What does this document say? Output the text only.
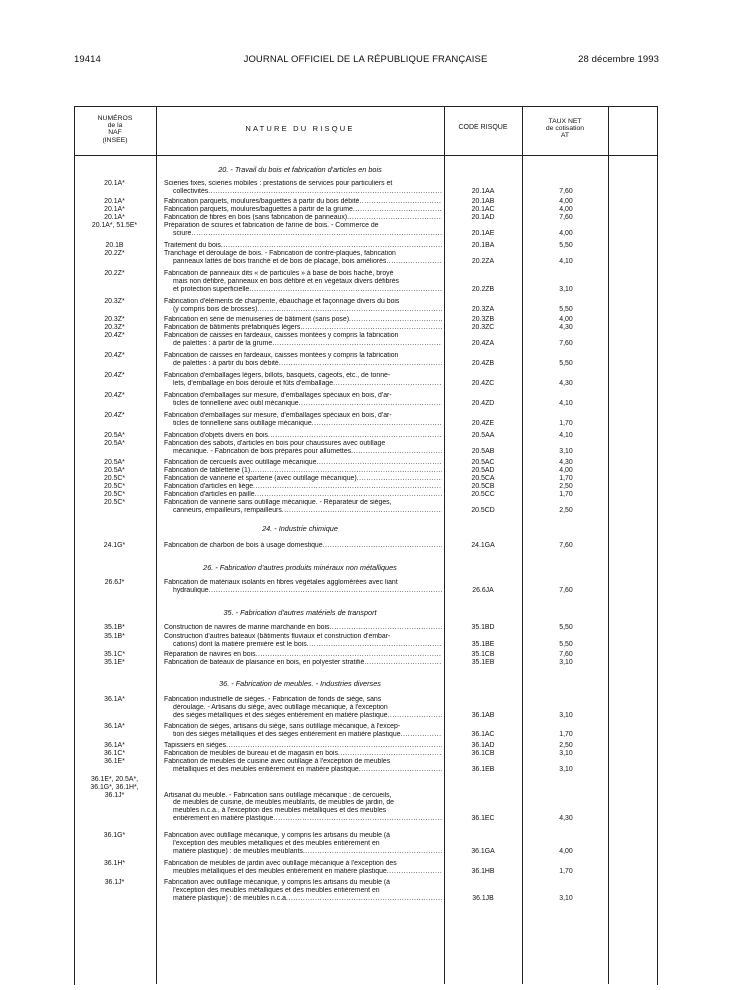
19414	JOURNAL OFFICIEL DE LA RÉPUBLIQUE FRANÇAISE	28 décembre 1993
NUMÉROS
de la
NAF
(INSEE)
NATURE DU RISQUE	CODE RISQUE
TAUX NET
de cotisation
AT
20. - Travail du bois et fabrication d'articles en bois
20.1A*	Scieries fixes, scieries mobiles : prestations de services pour particuliers et
collectivités .....	20.1AA	7,60
20.1A*	Fabrication parquets, moulures/baguettes à partir du bois débité .....	20.1AB	4,00
20.1A*	Fabrication parquets, moulures/baguettes à partir de la grume .....	20.1AC	4,00
20.1A*	Fabrication de fibres en bois (sans fabrication de panneaux) .....	20.1AD	7,60
20.1A*, 51.5E*	Préparation de sciures et fabrication de farine de bois. - Commerce de
sciure .....	20.1AE	4,00
20.1B	Traitement du bois .....	20.1BA	5,50
20.2Z*	Tranchage et déroulage de bois. - Fabrication de contre-plaqués, fabrication
panneaux lattés de bois tranché et de bois de placage, bois améliorés .....	20.2ZA	4,10
20.2Z*	Fabrication de panneaux dits « de particules » à base de bois haché, broyé
mais non défibré, panneaux en bois défibré et en végétaux divers défibrés
et protection superficielle .....	20.2ZB	3,10
20.3Z*	Fabrication d'éléments de charpente, ébauchage et façonnage divers du bois
(y compris bois de brosses) .....	20.3ZA	5,50
20.3Z*	Fabrication en série de menuiseries de bâtiment (sans pose) .....	20.3ZB	4,00
20.3Z*	Fabrication de bâtiments préfabriqués légers .....	20.3ZC	4,30
20.4Z*	Fabrication de caisses en fardeaux, caisses montées y compris la fabrication
de palettes : à partir de la grume .....	20.4ZA	7,60
20.4Z*	Fabrication de caisses en fardeaux, caisses montées y compris la fabrication
de palettes : à partir du bois débité .....	20.4ZB	5,50
20.4Z*	Fabrication d'emballages légers, billots, basquets, cageots, etc., de tonne-
lets, d'emballage en bois déroulé et fûts d'emballage .....	20.4ZC	4,30
20.4Z*	Fabrication d'emballages sur mesure, d'emballages spéciaux en bois, d'ar-
ticles de tonnellerie avec outil mécanique .....	20.4ZD	4,10
20.4Z*	Fabrication d'emballages sur mesure, d'emballages spéciaux en bois, d'ar-
ticles de tonnellerie sans outillage mécanique .....	20.4ZE	1,70
20.5A*	Fabrication d'objets divers en bois .....	20.5AA	4,10
20.5A*	Fabrication des sabots, d'articles en bois pour chaussures avec outillage
mécanique. - Fabrication de bois préparés pour allumettes .....	20.5AB	3,10
20.5A*	Fabrication de cercueils avec outillage mécanique .....	20.5AC	4,30
20.5A*	Fabrication de tabletterie (1) .....	20.5AD	4,00
20.5C*	Fabrication de vannerie et sparterie (avec outillage mécanique) .....	20.5CA	1,70
20.5C*	Fabrication d'articles en liège .....	20.5CB	2,50
20.5C*	Fabrication d'articles en paille .....	20.5CC	1,70
20.5C*	Fabrication de vannerie sans outillage mécanique. - Réparateur de sièges,
canneurs, empailleurs, rempailleurs .....	20.5CD	2,50
24. - Industrie chimique
24.1G*	Fabrication de charbon de bois à usage domestique .....	24.1GA	7,60
26. - Fabrication d'autres produits minéraux non métalliques
26.6J*	Fabrication de matériaux isolants en fibres végétales agglomérées avec liant
hydraulique .....	26.6JA	7,60
35. - Fabrication d'autres matériels de transport
35.1B*	Construction de navires de marine marchande en bois .....	35.1BD	5,50
35.1B*	Construction d'autres bateaux (bâtiments fluviaux et construction d'embar-
cations) dont la matière première est le bois .....	35.1BE	5,50
35.1C*	Réparation de navires en bois .....	35.1CB	7,60
35.1E*	Fabrication de bateaux de plaisance en bois, en polyester stratifié .....	35.1EB	3,10
36. - Fabrication de meubles. - Industries diverses
36.1A*	Fabrication industrielle de sièges. - Fabrication de fonds de siège, sans
déroulage. - Artisans du siège, avec outillage mécanique, à l'exception
des sièges métalliques et des sièges entièrement en matière plastique .....	36.1AB	3,10
36.1A*	Fabrication de sièges, artisans du siège, sans outillage mécanique, à l'excep-
tion des sièges métalliques et des sièges entièrement en matière plastique .....	36.1AC	1,70
36.1A*	Tapissiers en sièges .....	36.1AD	2,50
36.1C*	Fabrication de meubles de bureau et de magasin en bois .....	36.1CB	3,10
36.1E*	Fabrication de meubles de cuisine avec outillage à l'exception de meubles
métalliques et des meubles entièrement en matière plastique .....	36.1EB	3,10
36.1E*, 20.5A*,
36.1G*, 36.1H*,
36.1J*	Artisanat du meuble. - Fabrication sans outillage mécanique : de cercueils,
de meubles de cuisine, de meubles meublants, de meubles de jardin, de
meubles n.c.a., à l'exception des meubles métalliques et des meubles
entièrement en matière plastique .....	36.1EC	4,30
36.1G*	Fabrication avec outillage mécanique, y compris les artisans du meuble (à
l'exception des meubles métalliques et des meubles entièrement en
matière plastique) : de meubles meublants .....	36.1GA	4,00
36.1H*	Fabrication de meubles de jardin avec outillage mécanique à l'exception des
meubles métalliques et des meubles entièrement en matière plastique .....	36.1HB	1,70
36.1J*	Fabrication avec outillage mécanique, y compris les artisans du meuble (à
l'exception des meubles métalliques et des meubles entièrement en
matière plastique) : de meubles n.c.a .....	36.1JB	3,10
